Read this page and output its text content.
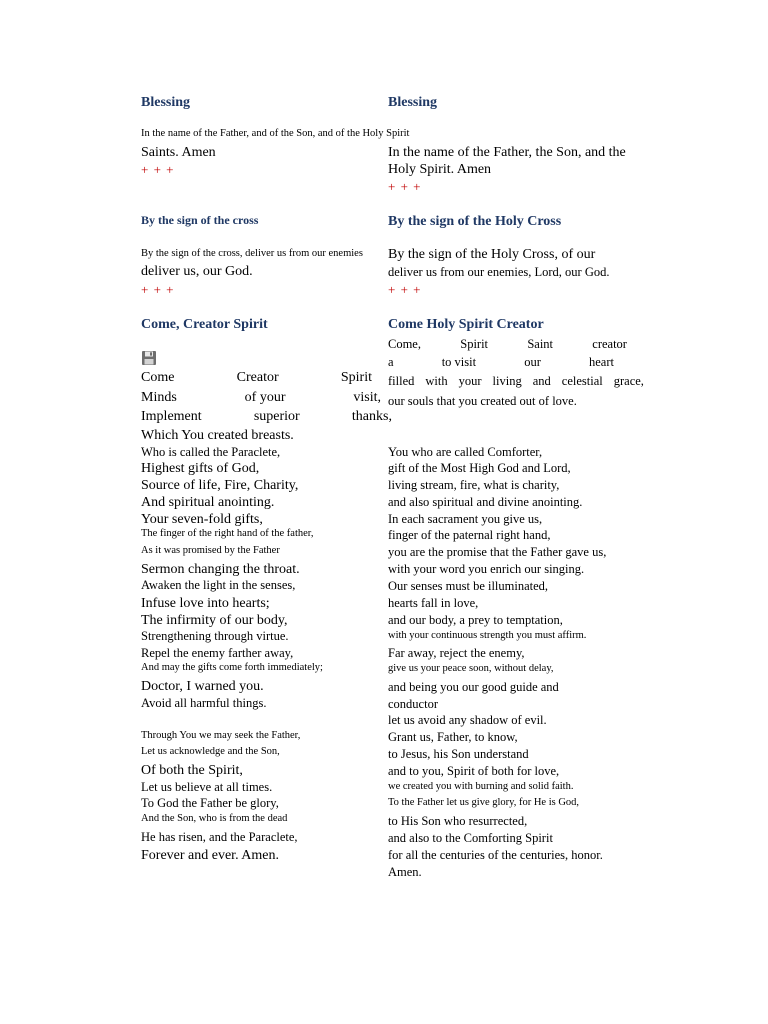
Blessing
In the name of the Father, and of the Son, and of the Holy Spirit
Saints. Amen
+ + +
By the sign of the cross
By the sign of the cross, deliver us from our enemies
deliver us, our God.
+ + +
Come, Creator Spirit
Come	Creator	Spirit
Minds	of your	visit,
Implement	superior	thanks,
Which You created breasts.
Who is called the Paraclete,
Highest gifts of God,
Source of life, Fire, Charity,
And spiritual anointing.
Your seven-fold gifts,
The finger of the right hand of the father,
As it was promised by the Father
Sermon changing the throat.
Awaken the light in the senses,
Infuse love into hearts;
The infirmity of our body,
Strengthening through virtue.
Repel the enemy farther away,
And may the gifts come forth immediately;
Doctor, I warned you.
Avoid all harmful things.
Through You we may seek the Father,
Let us acknowledge and the Son,
Of both the Spirit,
Let us believe at all times.
To God the Father be glory,
And the Son, who is from the dead
He has risen, and the Paraclete,
Forever and ever. Amen.
Blessing
In the name of the Father, the Son, and the
Holy Spirit. Amen
+ + +
By the sign of the Holy Cross
By the sign of the Holy Cross, of our
deliver us from our enemies, Lord, our God.
+ + +
Come Holy Spirit Creator
Come,	Spirit	Saint	creator
a	to visit	our	heart
filled with your living and celestial grace,
our souls that you created out of love.
You who are called Comforter,
gift of the Most High God and Lord,
living stream, fire, what is charity,
and also spiritual and divine anointing.
In each sacrament you give us,
finger of the paternal right hand,
you are the promise that the Father gave us,
with your word you enrich our singing.
Our senses must be illuminated,
hearts fall in love,
and our body, a prey to temptation,
with your continuous strength you must affirm.
Far away, reject the enemy,
give us your peace soon, without delay,
and being you our good guide and
conductor
let us avoid any shadow of evil.
Grant us, Father, to know,
to Jesus, his Son understand
and to you, Spirit of both for love,
we created you with burning and solid faith.
To the Father let us give glory, for He is God,
to His Son who resurrected,
and also to the Comforting Spirit
for all the centuries of the centuries, honor.
Amen.
